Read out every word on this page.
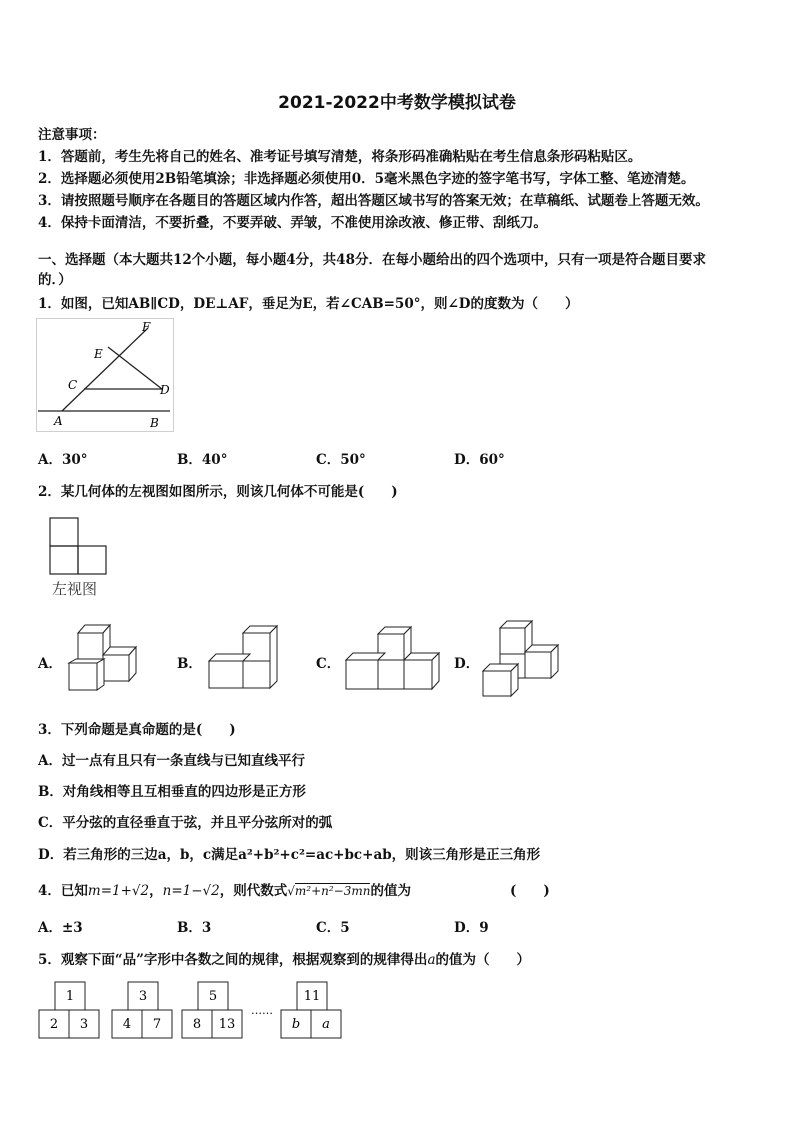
2021-2022中考数学模拟试卷
注意事项：
1．答题前，考生先将自己的姓名、准考证号填写清楚，将条形码准确粘贴在考生信息条形码粘贴区。
2．选择题必须使用2B铅笔填涂；非选择题必须使用0．5毫米黑色字迹的签字笔书写，字体工整、笔迹清楚。
3．请按照题号顺序在各题目的答题区域内作答，超出答题区域书写的答案无效；在草稿纸、试题卷上答题无效。
4．保持卡面清洁，不要折叠，不要弄破、弄皱，不准使用涂改液、修正带、刮纸刀。
一、选择题（本大题共12个小题，每小题4分，共48分．在每小题给出的四个选项中，只有一项是符合题目要求
的．）
1．如图，已知AB∥CD，DE⊥AF，垂足为E，若∠CAB=50°，则∠D的度数为（　　）
F
E
C	D
A	B
A．30°	B．40°	C．50°	D．60°
2．某几何体的左视图如图所示，则该几何体不可能是(　　)
左视图
A．	B．	C．	D．
3．下列命题是真命题的是(　　)
A．过一点有且只有一条直线与已知直线平行
B．对角线相等且互相垂直的四边形是正方形
C．平分弦的直径垂直于弦，并且平分弦所对的弧
D．若三角形的三边a，b，c满足a²+b²+c²=ac+bc+ab，则该三角形是正三角形
4．已知m=1+√2，n=1−√2，则代数式√m²+n²−3mn的值为	(　　)
A．±3	B．3	C．5	D．9
5．观察下面“品”字形中各数之间的规律，根据观察到的规律得出a的值为（　　）
1
2 3
3
4 7
5
8 13
……
11
b a
